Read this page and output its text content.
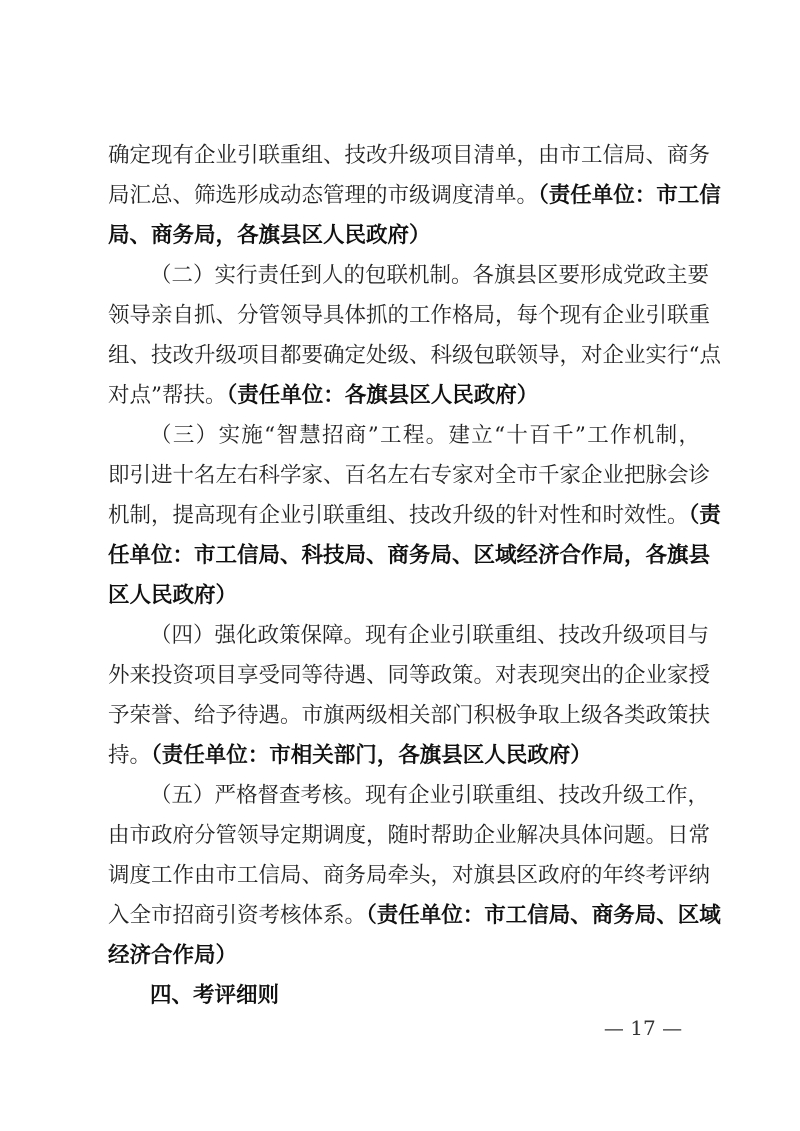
确定现有企业引联重组、技改升级项目清单，由市工信局、商务
局汇总、筛选形成动态管理的市级调度清单。（责任单位：市工信
局、商务局，各旗县区人民政府）
（二）实行责任到人的包联机制。各旗县区要形成党政主要
领导亲自抓、分管领导具体抓的工作格局，每个现有企业引联重
组、技改升级项目都要确定处级、科级包联领导，对企业实行“点
对点”帮扶。（责任单位：各旗县区人民政府）
（三）实施“智慧招商”工程。建立“十百千”工作机制，
即引进十名左右科学家、百名左右专家对全市千家企业把脉会诊
机制，提高现有企业引联重组、技改升级的针对性和时效性。（责
任单位：市工信局、科技局、商务局、区域经济合作局，各旗县
区人民政府）
（四）强化政策保障。现有企业引联重组、技改升级项目与
外来投资项目享受同等待遇、同等政策。对表现突出的企业家授
予荣誉、给予待遇。市旗两级相关部门积极争取上级各类政策扶
持。（责任单位：市相关部门，各旗县区人民政府）
（五）严格督查考核。现有企业引联重组、技改升级工作，
由市政府分管领导定期调度，随时帮助企业解决具体问题。日常
调度工作由市工信局、商务局牵头，对旗县区政府的年终考评纳
入全市招商引资考核体系。（责任单位：市工信局、商务局、区域
经济合作局）
四、考评细则
— 17 —
